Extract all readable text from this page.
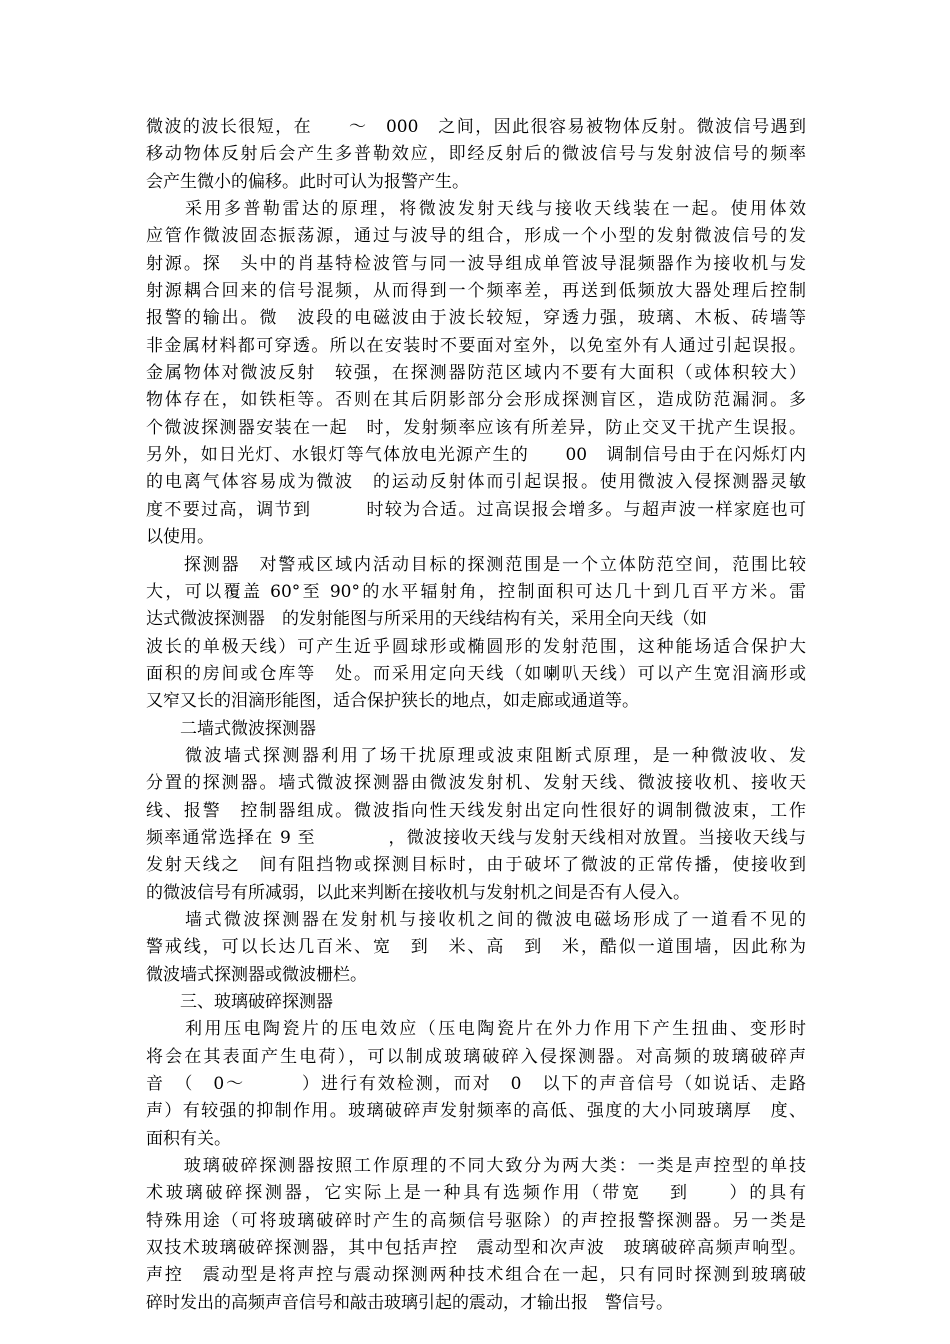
微波的波长很短，在　　～　000　之间，因此很容易被物体反射。微波信号遇到
移动物体反射后会产生多普勒效应，即经反射后的微波信号与发射波信号的频率
会产生微小的偏移。此时可认为报警产生。
　　采用多普勒雷达的原理，将微波发射天线与接收天线装在一起。使用体效
应管作微波固态振荡源，通过与波导的组合，形成一个小型的发射微波信号的发
射源。探　头中的肖基特检波管与同一波导组成单管波导混频器作为接收机与发
射源耦合回来的信号混频，从而得到一个频率差，再送到低频放大器处理后控制
报警的输出。微　波段的电磁波由于波长较短，穿透力强，玻璃、木板、砖墙等
非金属材料都可穿透。所以在安装时不要面对室外，以免室外有人通过引起误报。
金属物体对微波反射　较强，在探测器防范区域内不要有大面积（或体积较大）
物体存在，如铁柜等。否则在其后阴影部分会形成探测盲区，造成防范漏洞。多
个微波探测器安装在一起　时，发射频率应该有所差异，防止交叉干扰产生误报。
另外，如日光灯、水银灯等气体放电光源产生的　　00　调制信号由于在闪烁灯内
的电离气体容易成为微波　的运动反射体而引起误报。使用微波入侵探测器灵敏
度不要过高，调节到　　　时较为合适。过高误报会增多。与超声波一样家庭也可
以使用。
　　探测器　对警戒区域内活动目标的探测范围是一个立体防范空间，范围比较
大，可以覆盖 60°至 90°的水平辐射角，控制面积可达几十到几百平方米。雷
达式微波探测器　的发射能图与所采用的天线结构有关，采用全向天线（如
波长的单极天线）可产生近乎圆球形或椭圆形的发射范围，这种能场适合保护大
面积的房间或仓库等　处。而采用定向天线（如喇叭天线）可以产生宽泪滴形或
又窄又长的泪滴形能图，适合保护狭长的地点，如走廊或通道等。
　　二墙式微波探测器
　　微波墙式探测器利用了场干扰原理或波束阻断式原理，是一种微波收、发
分置的探测器。墙式微波探测器由微波发射机、发射天线、微波接收机、接收天
线、报警　控制器组成。微波指向性天线发射出定向性很好的调制微波束，工作
频率通常选择在 9 至　　　　，微波接收天线与发射天线相对放置。当接收天线与
发射天线之　间有阻挡物或探测目标时，由于破坏了微波的正常传播，使接收到
的微波信号有所减弱，以此来判断在接收机与发射机之间是否有人侵入。
　　墙式微波探测器在发射机与接收机之间的微波电磁场形成了一道看不见的
警戒线，可以长达几百米、宽　到　米、高　到　米，酷似一道围墙，因此称为
微波墙式探测器或微波栅栏。
　　三、玻璃破碎探测器
　　利用压电陶瓷片的压电效应（压电陶瓷片在外力作用下产生扭曲、变形时
将会在其表面产生电荷），可以制成玻璃破碎入侵探测器。对高频的玻璃破碎声
音　（　0～　　　）进行有效检测，而对　0　以下的声音信号（如说话、走路
声）有较强的抑制作用。玻璃破碎声发射频率的高低、强度的大小同玻璃厚　度、
面积有关。
　　玻璃破碎探测器按照工作原理的不同大致分为两大类：一类是声控型的单技
术玻璃破碎探测器，它实际上是一种具有选频作用（带宽　 到　　）的具有
特殊用途（可将玻璃破碎时产生的高频信号驱除）的声控报警探测器。另一类是
双技术玻璃破碎探测器，其中包括声控　震动型和次声波　玻璃破碎高频声响型。
声控　震动型是将声控与震动探测两种技术组合在一起，只有同时探测到玻璃破
碎时发出的高频声音信号和敲击玻璃引起的震动，才输出报　警信号。
